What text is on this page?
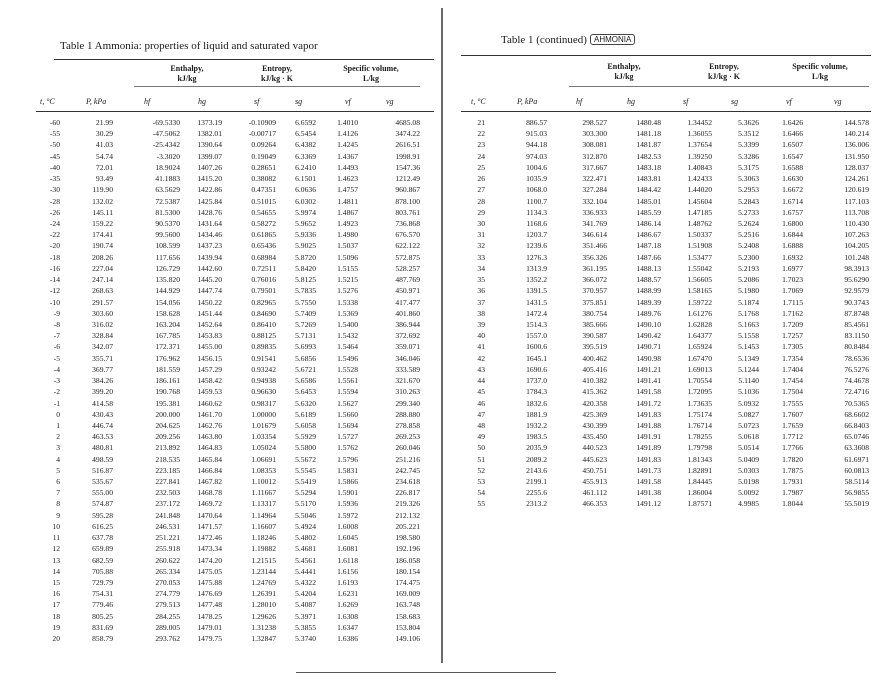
Table 1 Ammonia: properties of liquid and saturated vapor
Enthalpy,
kJ/kg
Entropy,
kJ/kg · K
Specific volume,
L/kg
t, °C	P, kPa	hf	hg	sf	sg	vf	vg
-60	21.99	-69.5330 1373.19	-0.10909	6.6592	1.4010	4685.08
-55	30.29	-47.5062 1382.01	-0.00717	6.5454	1.4126	3474.22
-50	41.03	-25.4342 1390.64	0.09264	6.4382	1.4245	2616.51
-45	54.74	-3.3020 1399.07	0.19049	6.3369	1.4367	1998.91
-40	72.01	18.9024 1407.26	0.28651	6.2410	1.4493	1547.36
-35	93.49	41.1883 1415.20	0.38082	6.1501	1.4623	1212.49
-30	119.90	63.5629 1422.86	0.47351	6.0636	1.4757	960.867
-28	132.02	72.5387 1425.84	0.51015	6.0302	1.4811	878.100
-26	145.11	81.5300 1428.76	0.54655	5.9974	1.4867	803.761
-24	159.22	90.5370 1431.64	0.58272	5.9652	1.4923	736.868
-22	174.41	99.5600 1434.46	0.61865	5.9336	1.4980	676.570
-20	190.74	108.599 1437.23	0.65436	5.9025	1.5037	622.122
-18	208.26	117.656 1439.94	0.68984	5.8720	1.5096	572.875
-16	227.04	126.729 1442.60	0.72511	5.8420	1.5155	528.257
-14	247.14	135.820 1445.20	0.76016	5.8125	1.5215	487.769
-12	268.63	144.929 1447.74	0.79501	5.7835	1.5276	450.971
-10	291.57	154.056 1450.22	0.82965	5.7550	1.5338	417.477
-9	303.60	158.628 1451.44	0.84690	5.7409	1.5369	401.860
-8	316.02	163.204 1452.64	0.86410	5.7269	1.5400	386.944
-7	328.84	167.785 1453.83	0.88125	5.7131	1.5432	372.692
-6	342.07	172.371 1455.00	0.89835	5.6993	1.5464	359.071
-5	355.71	176.962 1456.15	0.91541	5.6856	1.5496	346.046
-4	369.77	181.559 1457.29	0.93242	5.6721	1.5528	333.589
-3	384.26	186.161 1458.42	0.94938	5.6586	1.5561	321.670
-2	399.20	190.768 1459.53	0.96630	5.6453	1.5594	310.263
-1	414.58	195.381 1460.62	0.98317	5.6320	1.5627	299.340
0	430.43	200.000 1461.70	1.00000	5.6189	1.5660	288.880
1	446.74	204.625 1462.76	1.01679	5.6058	1.5694	278.858
2	463.53	209.256 1463.80	1.03354	5.5929	1.5727	269.253
3	480.81	213.892 1464.83	1.05024	5.5800	1.5762	260.046
4	498.59	218.535 1465.84	1.06691	5.5672	1.5796	251.216
5	516.87	223.185 1466.84	1.08353	5.5545	1.5831	242.745
6	535.67	227.841 1467.82	1.10012	5.5419	1.5866	234.618
7	555.00	232.503 1468.78	1.11667	5.5294	1.5901	226.817
8	574.87	237.172 1469.72	1.13317	5.5170	1.5936	219.326
9	595.28	241.848 1470.64	1.14964	5.5046	1.5972	212.132
10	616.25	246.531 1471.57	1.16607	5.4924	1.6008	205.221
11	637.78	251.221 1472.46	1.18246	5.4802	1.6045	198.580
12	659.89	255.918 1473.34	1.19882	5.4681	1.6081	192.196
13	682.59	260.622 1474.20	1.21515	5.4561	1.6118	186.058
14	705.88	265.334 1475.05	1.23144	5.4441	1.6156	180.154
15	729.79	270.053 1475.88	1.24769	5.4322	1.6193	174.475
16	754.31	274.779 1476.69	1.26391	5.4204	1.6231	169.009
17	779.46	279.513 1477.48	1.28010	5.4087	1.6269	163.748
18	805.25	284.255 1478.25	1.29626	5.3971	1.6308	158.683
19	831.69	289.005 1479.01	1.31238	5.3855	1.6347	153.804
20	858.79	293.762 1479.75	1.32847	5.3740	1.6386	149.106
Table 1 (continued) AHMONIA
Enthalpy,
kJ/kg
Entropy,
kJ/kg · K
Specific volume,
L/kg
t, °C	P, kPa	hf	hg	sf	sg	vf	vg
21	886.57	298.527	1480.48	1.34452	5.3626	1.6426	144.578
22	915.03	303.300	1481.18	1.36055	5.3512	1.6466	140.214
23	944.18	308.081	1481.87	1.37654	5.3399	1.6507	136.006
24	974.03	312.870	1482.53	1.39250	5.3286	1.6547	131.950
25	1004.6	317.667	1483.18	1.40843	5.3175	1.6588	128.037
26	1035.9	322.471	1483.81	1.42433	5.3063	1.6630	124.261
27	1068.0	327.284	1484.42	1.44020	5.2953	1.6672	120.619
28	1100.7	332.104	1485.01	1.45604	5.2843	1.6714	117.103
29	1134.3	336.933	1485.59	1.47185	5.2733	1.6757	113.708
30	1168.6	341.769	1486.14	1.48762	5.2624	1.6800	110.430
31	1203.7	346.614	1486.67	1.50337	5.2516	1.6844	107.263
32	1239.6	351.466	1487.18	1.51908	5.2408	1.6888	104.205
33	1276.3	356.326	1487.66	1.53477	5.2300	1.6932	101.248
34	1313.9	361.195	1488.13	1.55042	5.2193	1.6977	98.3913
35	1352.2	366.072	1488.57	1.56605	5.2086	1.7023	95.6290
36	1391.5	370.957	1488.99	1.58165	5.1980	1.7069	92.9579
37	1431.5	375.851	1489.39	1.59722	5.1874	1.7115	90.3743
38	1472.4	380.754	1489.76	1.61276	5.1768	1.7162	87.8748
39	1514.3	385.666	1490.10	1.62828	5.1663	1.7209	85.4561
40	1557.0	390.587	1490.42	1.64377	5.1558	1.7257	83.1150
41	1600.6	395.519	1490.71	1.65924	5.1453	1.7305	80.8484
42	1645.1	400.462	1490.98	1.67470	5.1349	1.7354	78.6536
43	1690.6	405.416	1491.21	1.69013	5.1244	1.7404	76.5276
44	1737.0	410.382	1491.41	1.70554	5.1140	1.7454	74.4678
45	1784.3	415.362	1491.58	1.72095	5.1036	1.7504	72.4716
46	1832.6	420.358	1491.72	1.73635	5.0932	1.7555	70.5365
47	1881.9	425.369	1491.83	1.75174	5.0827	1.7607	68.6602
48	1932.2	430.399	1491.88	1.76714	5.0723	1.7659	66.8403
49	1983.5	435.450	1491.91	1.78255	5.0618	1.7712	65.0746
50	2035.9	440.523	1491.89	1.79798	5.0514	1.7766	63.3608
51	2089.2	445.623	1491.83	1.81343	5.0409	1.7820	61.6971
52	2143.6	450.751	1491.73	1.82891	5.0303	1.7875	60.0813
53	2199.1	455.913	1491.58	1.84445	5.0198	1.7931	58.5114
54	2255.6	461.112	1491.38	1.86004	5.0092	1.7987	56.9855
55	2313.2	466.353	1491.12	1.87571	4.9985	1.8044	55.5019
